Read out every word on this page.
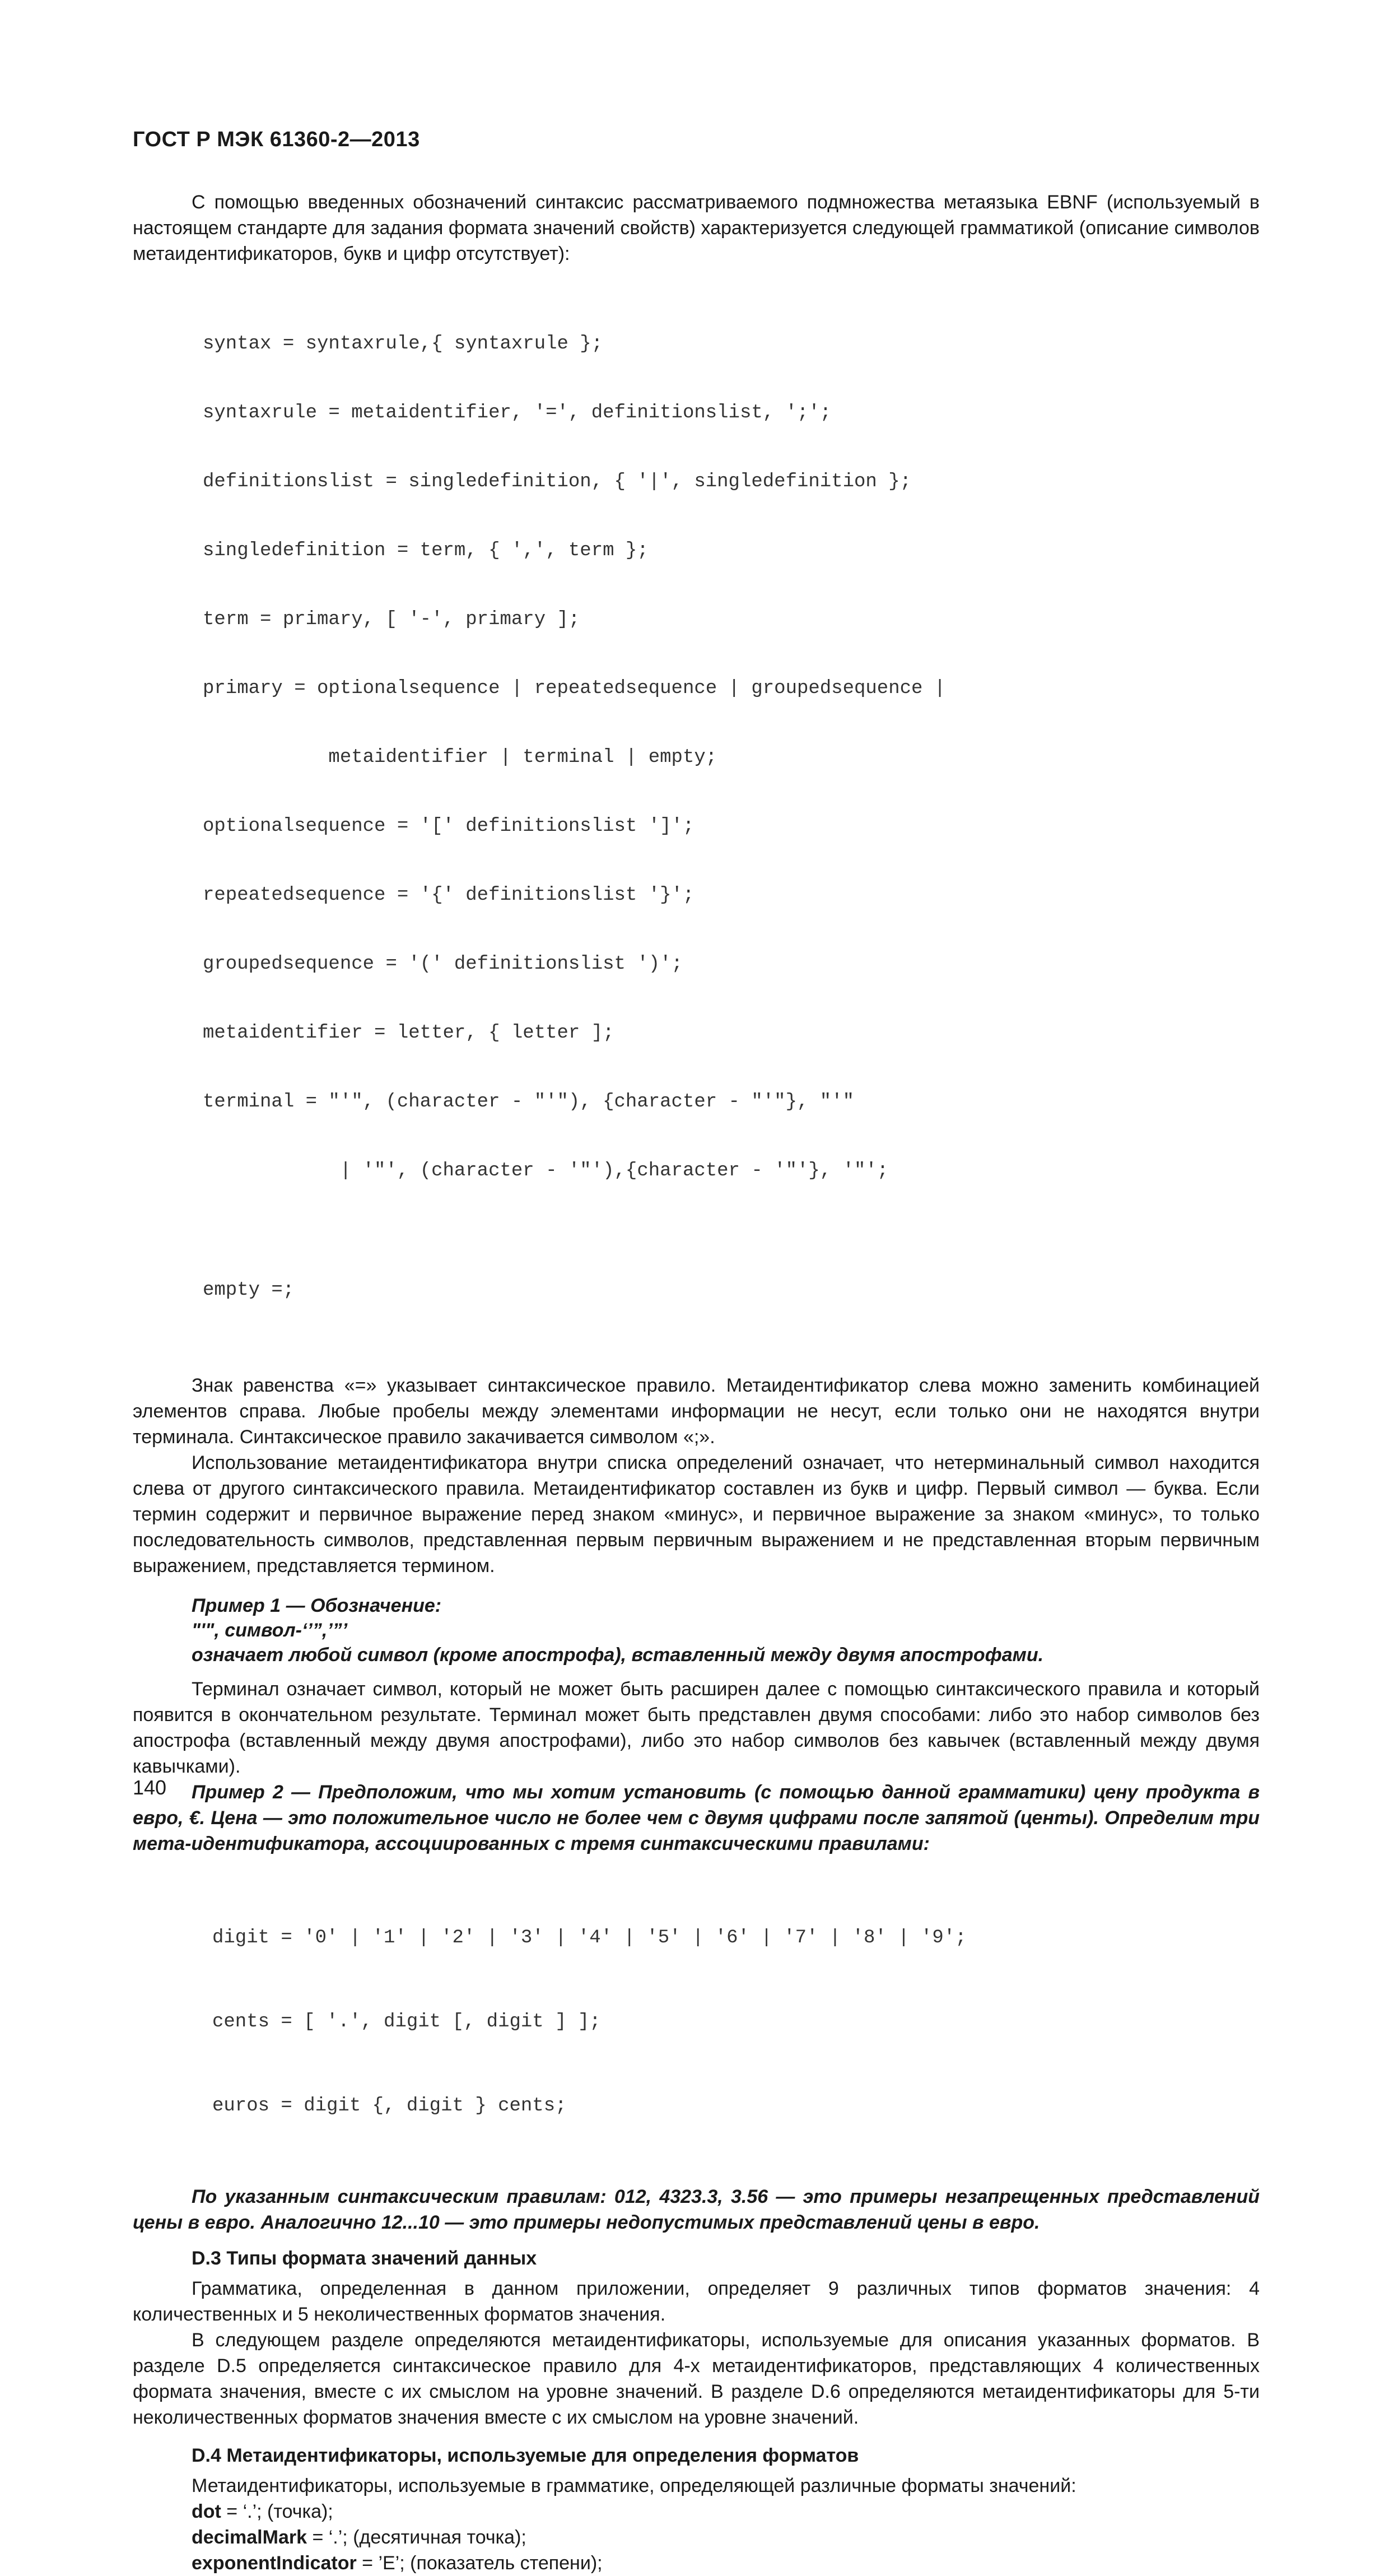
ГОСТ Р МЭК 61360-2—2013

С помощью введенных обозначений синтаксис рассматриваемого подмножества метаязыка EBNF (используемый в настоящем стандарте для задания формата значений свойств) характеризуется следующей грамматикой (описание символов метаидентификаторов, букв и цифр отсутствует):

syntax = syntaxrule,{ syntaxrule };

syntaxrule = metaidentifier, '=', definitionslist, ';';

definitionslist = singledefinition, { '|', singledefinition };

singledefinition = term, { ',', term };

term = primary, [ '-', primary ];

primary = optionalsequence | repeatedsequence | groupedsequence |

metaidentifier | terminal | empty;

optionalsequence = '[' definitionslist ']';

repeatedsequence = '{' definitionslist '}';

groupedsequence = '(' definitionslist ')';

metaidentifier = letter, { letter ];

terminal = "'", (character - "'"), {character - "'"}, "'"

| '"', (character - '"'),{character - '"'}, '"';

empty =;

Знак равенства «=» указывает синтаксическое правило. Метаидентификатор слева можно заменить комбинацией элементов справа. Любые пробелы между элементами информации не несут, если только они не находятся внутри терминала. Синтаксическое правило закачивается символом «;».

Использование метаидентификатора внутри списка определений означает, что нетерминальный символ находится слева от другого синтаксического правила. Метаидентификатор составлен из букв и цифр. Первый символ — буква. Если термин содержит и первичное выражение перед знаком «минус», и первичное выражение за знаком «минус», то только последовательность символов, представленная первым первичным выражением и не представленная вторым первичным выражением, представляется термином.

Пример 1 — Обозначение:
"'", символ-‘’”,’”’
означает любой символ (кроме апострофа), вставленный между двумя апострофами.

Терминал означает символ, который не может быть расширен далее с помощью синтаксического правила и который появится в окончательном результате. Терминал может быть представлен двумя способами: либо это набор символов без апострофа (вставленный между двумя апострофами), либо это набор символов без кавычек (вставленный между двумя кавычками).

Пример 2 — Предположим, что мы хотим установить (с помощью данной грамматики) цену продукта в евро, €. Цена — это положительное число не более чем с двумя цифрами после запятой (центы). Определим три мета-идентификатора, ассоциированных с тремя синтаксическими правилами:

digit = '0' | '1' | '2' | '3' | '4' | '5' | '6' | '7' | '8' | '9';

cents = [ '.', digit [, digit ] ];

euros = digit {, digit } cents;

По указанным синтаксическим правилам: 012, 4323.3, 3.56 — это примеры незапрещенных представлений цены в евро. Аналогично 12...10 — это примеры недопустимых представлений цены в евро.

D.3 Типы формата значений данных

Грамматика, определенная в данном приложении, определяет 9 различных типов форматов значения: 4 количественных и 5 неколичественных форматов значения.

В следующем разделе определяются метаидентификаторы, используемые для описания указанных форматов. В разделе D.5 определяется синтаксическое правило для 4-х метаидентификаторов, представляющих 4 количественных формата значения, вместе с их смыслом на уровне значений. В разделе D.6 определяются метаидентификаторы для 5-ти неколичественных форматов значения вместе с их смыслом на уровне значений.

D.4 Метаидентификаторы, используемые для определения форматов

Метаидентификаторы, используемые в грамматике, определяющей различные форматы значений:

dot = ‘.’; (точка);
decimalMark = ‘.’; (десятичная точка);
exponentIndicator = ’E’; (показатель степени);
140
